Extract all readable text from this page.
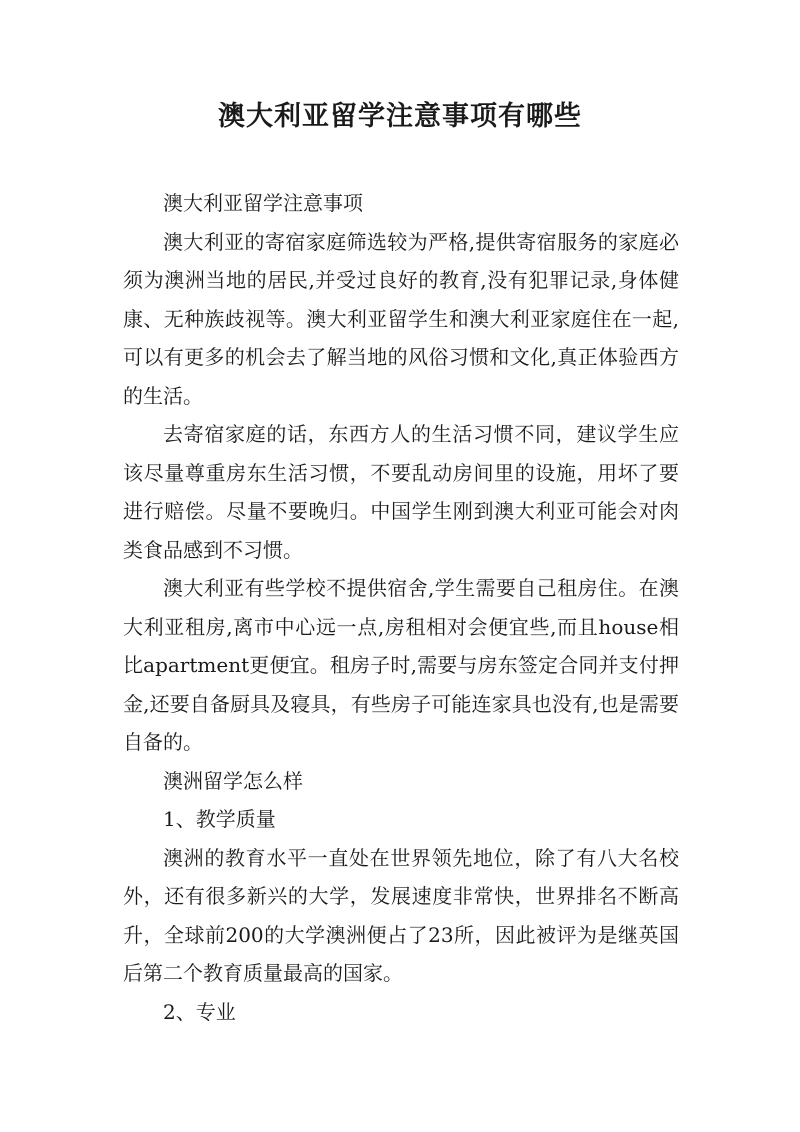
澳大利亚留学注意事项有哪些

澳大利亚留学注意事项

澳大利亚的寄宿家庭筛选较为严格,提供寄宿服务的家庭必须为澳洲当地的居民,并受过良好的教育,没有犯罪记录,身体健康、无种族歧视等。澳大利亚留学生和澳大利亚家庭住在一起,可以有更多的机会去了解当地的风俗习惯和文化,真正体验西方的生活。

去寄宿家庭的话，东西方人的生活习惯不同，建议学生应该尽量尊重房东生活习惯，不要乱动房间里的设施，用坏了要进行赔偿。尽量不要晚归。中国学生刚到澳大利亚可能会对肉类食品感到不习惯。

澳大利亚有些学校不提供宿舍,学生需要自己租房住。在澳大利亚租房,离市中心远一点,房租相对会便宜些,而且house相比apartment更便宜。租房子时,需要与房东签定合同并支付押金,还要自备厨具及寝具，有些房子可能连家具也没有,也是需要自备的。

澳洲留学怎么样

1、教学质量

澳洲的教育水平一直处在世界领先地位，除了有八大名校外，还有很多新兴的大学，发展速度非常快，世界排名不断高升，全球前200的大学澳洲便占了23所，因此被评为是继英国后第二个教育质量最高的国家。

2、专业
